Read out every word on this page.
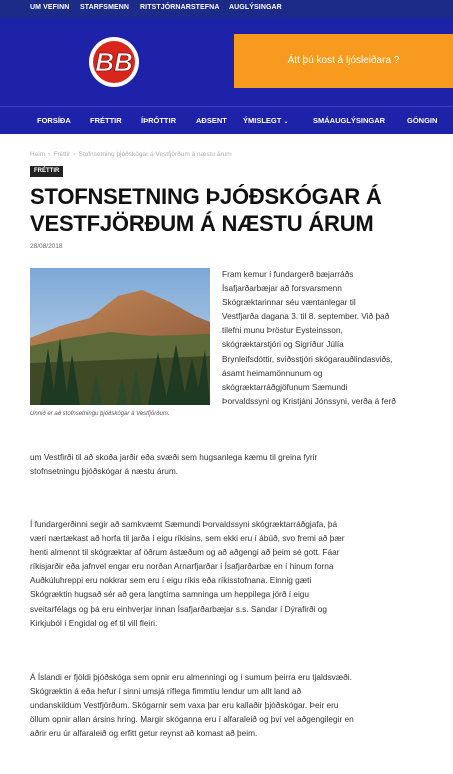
UM VEFINN STARFSMENN RITSTJÓRNARSTEFNA AUGLÝSINGAR
BB	Átt þú kost á ljósleiðara ?
FORSÍÐA	FRÉTTIR	ÍÞRÓTTIR	AÐSENT ÝMISLEGT ⌄	SMÁAUGLÝSINGAR	GÖNGIN
Heim › Fréttir › Stofnsetning þjóðskógar á Vestfjörðum á næstu árum
FRÉTTIR
STOFNSETNING ÞJÓÐSKÓGAR Á
VESTFJÖRÐUM Á NÆSTU ÁRUM
28/08/2018
Unnið er að stofnsetningu þjóðskógar á Vestfjörðum.
Fram kemur í fundargerð bæjarráðs
Ísafjarðarbæjar að forsvarsmenn
Skógræktarinnar séu væntanlegar til
Vestfjarða dagana 3. til 8. september. Við það
tilefni munu Þröstur Eysteinsson,
skógræktarstjóri og Sigríður Júlía
Brynleifsdóttir, sviðsstjóri skógarauðlindasviðs,
ásamt heimamönnunum og
skógræktarráðgjöfunum Sæmundi
Þorvaldssyni og Kristjáni Jónssyni, verða á ferð
um Vestfirði til að skoða jarðir eða svæði sem hugsanlega kæmu til greina fyrir
stofnsetningu þjóðskógar á næstu árum.
Í fundargerðinni segir að samkvæmt Sæmundi Þorvaldssyni skógræktarráðgjafa, þá
væri nærtækast að horfa til jarða í eigu ríkisins, sem ekki eru í ábúð, svo fremi að þær
henti almennt til skógræktar af öðrum ástæðum og að aðgengi að þeim sé gott. Fáar
ríkisjarðir eða jafnvel engar eru norðan Arnarfjarðar í Ísafjarðarbæ en í hinum forna
Auðkúluhreppi eru nokkrar sem eru í eigu ríkis eða ríkisstofnana. Einnig gæti
Skógræktin hugsað sér að gera langtíma samninga um heppilega jörð í eigu
sveitarfélags og þá eru einhverjar innan Ísafjarðarbæjar s.s. Sandar í Dýrafirði og
Kirkjuból í Engidal og ef til vill fleiri.
Á Íslandi er fjöldi þjóðskóga sem opnir eru almenningi og í sumum þeirra eru tjaldsvæði.
Skógræktin á eða hefur í sinni umsjá ríflega fimmtíu lendur um allt land að
undanskildum Vestfjörðum. Skógarnir sem vaxa þar eru kallaðir þjóðskógar. Þeir eru
öllum opnir allan ársins hring. Margir skóganna eru í alfaraleið og því vel aðgengilegir en
aðrir eru úr alfaraleið og erfitt getur reynst að komast að þeim.
